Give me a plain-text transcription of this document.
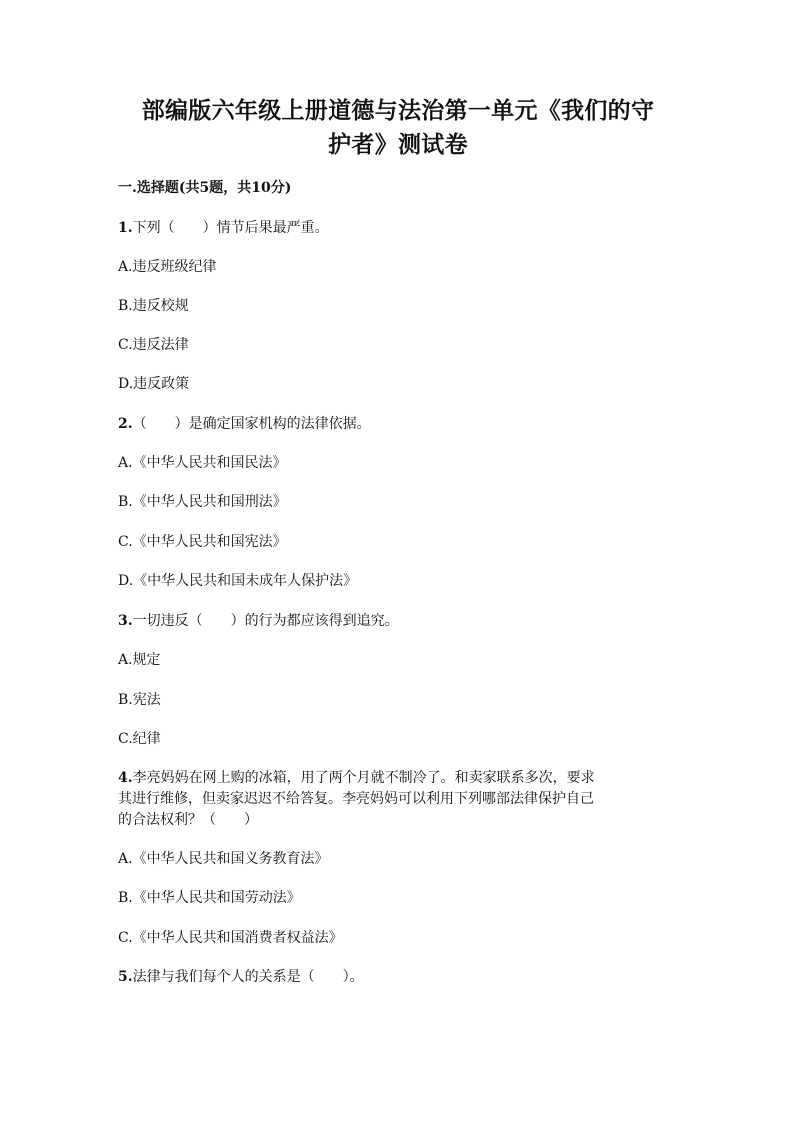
部编版六年级上册道德与法治第一单元《我们的守
护者》测试卷
一.选择题(共5题，共10分)
1.下列（　　）情节后果最严重。
A.违反班级纪律
B.违反校规
C.违反法律
D.违反政策
2.（　　）是确定国家机构的法律依据。
A.《中华人民共和国民法》
B.《中华人民共和国刑法》
C.《中华人民共和国宪法》
D.《中华人民共和国未成年人保护法》
3.一切违反（　　）的行为都应该得到追究。
A.规定
B.宪法
C.纪律
4.李亮妈妈在网上购的冰箱，用了两个月就不制冷了。和卖家联系多次，要求
其进行维修，但卖家迟迟不给答复。李亮妈妈可以利用下列哪部法律保护自己
的合法权利？（　　）
A.《中华人民共和国义务教育法》
B.《中华人民共和国劳动法》
C.《中华人民共和国消费者权益法》
5.法律与我们每个人的关系是（　　）。
